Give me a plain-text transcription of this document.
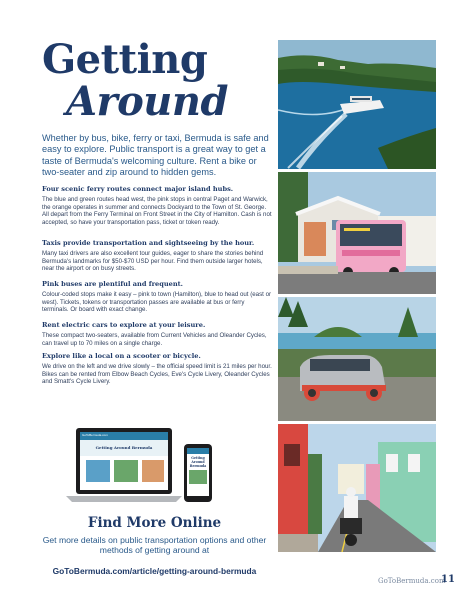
Getting
Around

Whether by bus, bike, ferry or taxi, Bermuda is safe and easy to explore. Public transport is a great way to get a taste of Bermuda's welcoming culture. Rent a bike or two-seater and zip around to hidden gems.

Four scenic ferry routes connect major island hubs.

The blue and green routes head west, the pink stops in central Paget and Warwick, the orange operates in summer and connects Dockyard to the Town of St. George. All depart from the Ferry Terminal on Front Street in the City of Hamilton. Cash is not accepted, so have your transportation pass, ticket or token ready.

Taxis provide transportation and sightseeing by the hour.

Many taxi drivers are also excellent tour guides, eager to share the stories behind Bermuda's landmarks for $50-$70 USD per hour. Find them outside larger hotels, near the airport or on busy streets.

Pink buses are plentiful and frequent.

Colour-coded stops make it easy – pink to town (Hamilton), blue to head out (east or west). Tickets, tokens or transportation passes are available at bus or ferry terminals. Or board with exact change.

Rent electric cars to explore at your leisure.

These compact two-seaters, available from Current Vehicles and Oleander Cycles, can travel up to 70 miles on a single charge.

Explore like a local on a scooter or bicycle.

We drive on the left and we drive slowly – the official speed limit is 21 miles per hour. Bikes can be rented from Elbow Beach Cycles, Eve's Cycle Livery, Oleander Cycles and Smatt's Cycle Livery.

GoToBermuda.com
Getting Around Bermuda
Getting Around Bermuda
Find More Online

Get more details on public transportation options and other methods of getting around at

GoToBermuda.com/article/getting-around-bermuda

GoToBermuda.com
11
